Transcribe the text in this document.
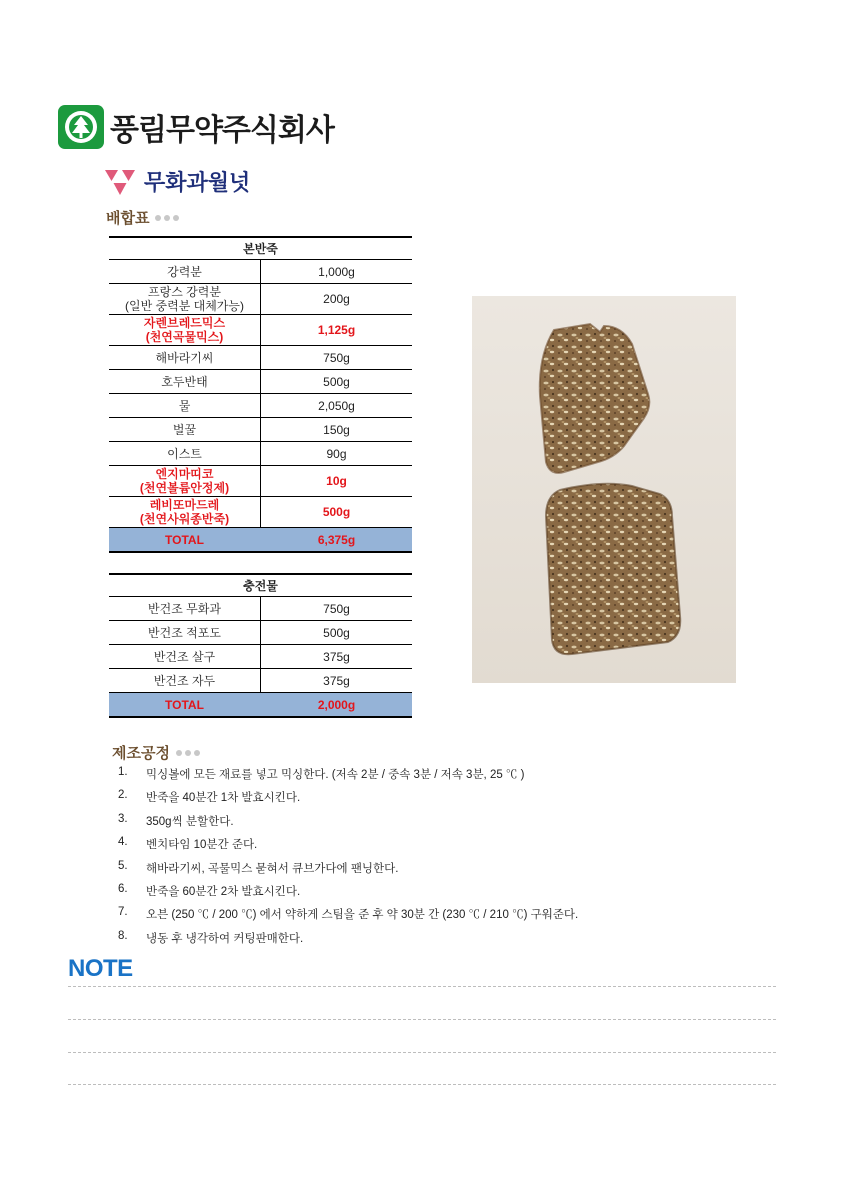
풍림무약주식회사
무화과월넛
배합표
본반죽	
강력분	1,000g

프랑스 강력분
(일반 중력분 대체가능)	200g

자렌브레드믹스
(천연곡물믹스)	1,125g
해바라기씨	750g
호두반태	500g
물	2,050g
벌꿀	150g
이스트	90g

엔지마띠코
(천연볼륨안정제)	10g

레비또마드레
(천연사워종반죽)	500g
TOTAL	6,375g
충전물	
반건조 무화과	750g
반건조 적포도	500g
반건조 살구	375g
반건조 자두	375g
TOTAL	2,000g
제조공정
1.	믹싱볼에 모든 재료를 넣고 믹싱한다. (저속 2분 / 중속 3분 / 저속 3분, 25 ℃ )
2.	반죽을 40분간 1차 발효시킨다.
3.	350g씩 분할한다.
4.	벤치타임 10분간 준다.
5.	해바라기씨, 곡물믹스 묻혀서 큐브가다에 팬닝한다.
6.	반죽을 60분간 2차 발효시킨다.
7.	오븐 (250 ℃ / 200 ℃) 에서 약하게 스팀을 준 후 약 30분 간 (230 ℃ / 210 ℃) 구워준다.
8.	냉동 후 냉각하여 커팅판매한다.
NOTE
